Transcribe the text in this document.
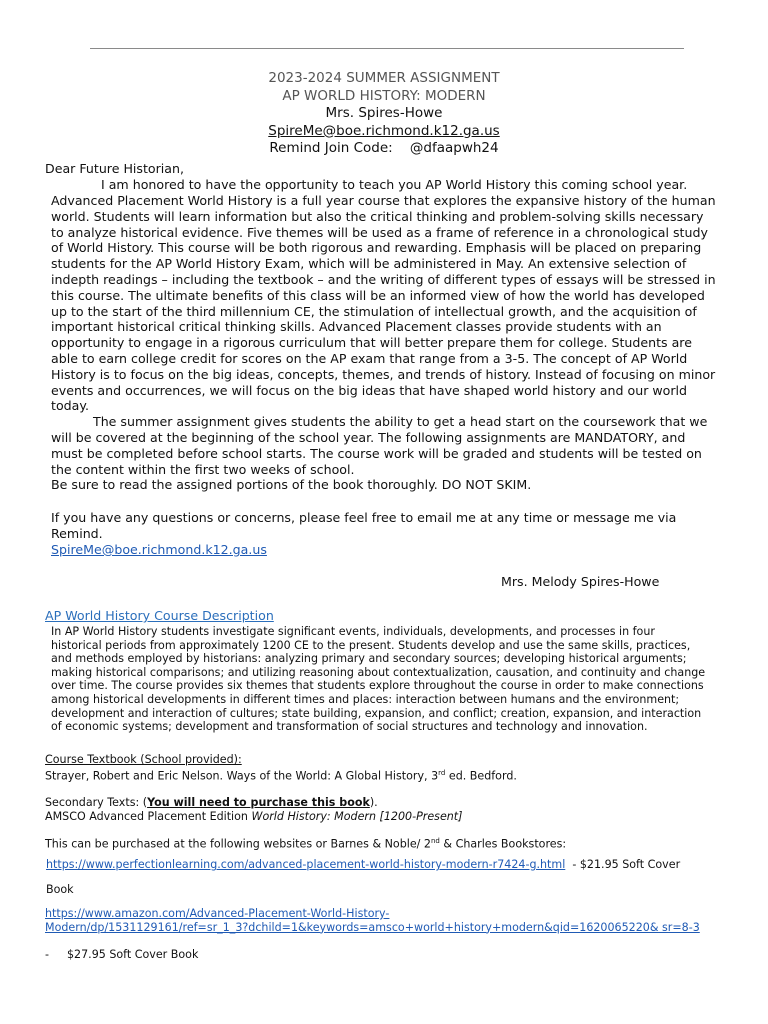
2023-2024 SUMMER ASSIGNMENT
AP WORLD HISTORY: MODERN
Mrs. Spires-Howe
SpireMe@boe.richmond.k12.ga.us
Remind Join Code:    @dfaapwh24
Dear Future Historian,
I am honored to have the opportunity to teach you AP World History this coming school year.
Advanced Placement World History is a full year course that explores the expansive history of the human
world. Students will learn information but also the critical thinking and problem-solving skills necessary
to analyze historical evidence. Five themes will be used as a frame of reference in a chronological study
of World History. This course will be both rigorous and rewarding. Emphasis will be placed on preparing
students for the AP World History Exam, which will be administered in May. An extensive selection of
indepth readings – including the textbook – and the writing of different types of essays will be stressed in
this course. The ultimate benefits of this class will be an informed view of how the world has developed
up to the start of the third millennium CE, the stimulation of intellectual growth, and the acquisition of
important historical critical thinking skills. Advanced Placement classes provide students with an
opportunity to engage in a rigorous curriculum that will better prepare them for college. Students are
able to earn college credit for scores on the AP exam that range from a 3-5. The concept of AP World
History is to focus on the big ideas, concepts, themes, and trends of history. Instead of focusing on minor
events and occurrences, we will focus on the big ideas that have shaped world history and our world
today.
The summer assignment gives students the ability to get a head start on the coursework that we
will be covered at the beginning of the school year. The following assignments are MANDATORY, and
must be completed before school starts. The course work will be graded and students will be tested on
the content within the first two weeks of school.
Be sure to read the assigned portions of the book thoroughly. DO NOT SKIM.
If you have any questions or concerns, please feel free to email me at any time or message me via
Remind.
SpireMe@boe.richmond.k12.ga.us
Mrs. Melody Spires-Howe
AP World History Course Description
In AP World History students investigate significant events, individuals, developments, and processes in four
historical periods from approximately 1200 CE to the present. Students develop and use the same skills, practices,
and methods employed by historians: analyzing primary and secondary sources; developing historical arguments;
making historical comparisons; and utilizing reasoning about contextualization, causation, and continuity and change
over time. The course provides six themes that students explore throughout the course in order to make connections
among historical developments in different times and places: interaction between humans and the environment;
development and interaction of cultures; state building, expansion, and conflict; creation, expansion, and interaction
of economic systems; development and transformation of social structures and technology and innovation.
Course Textbook (School provided):
Strayer, Robert and Eric Nelson. Ways of the World: A Global History, 3rd ed. Bedford.
Secondary Texts: (You will need to purchase this book).
AMSCO Advanced Placement Edition World History: Modern [1200-Present]
This can be purchased at the following websites or Barnes & Noble/ 2nd & Charles Bookstores:
https://www.perfectionlearning.com/advanced-placement-world-history-modern-r7424-g.html  - $21.95 Soft Cover
Book
https://www.amazon.com/Advanced-Placement-World-History-
Modern/dp/1531129161/ref=sr_1_3?dchild=1&keywords=amsco+world+history+modern&qid=1620065220& sr=8-3
- $27.95 Soft Cover Book
